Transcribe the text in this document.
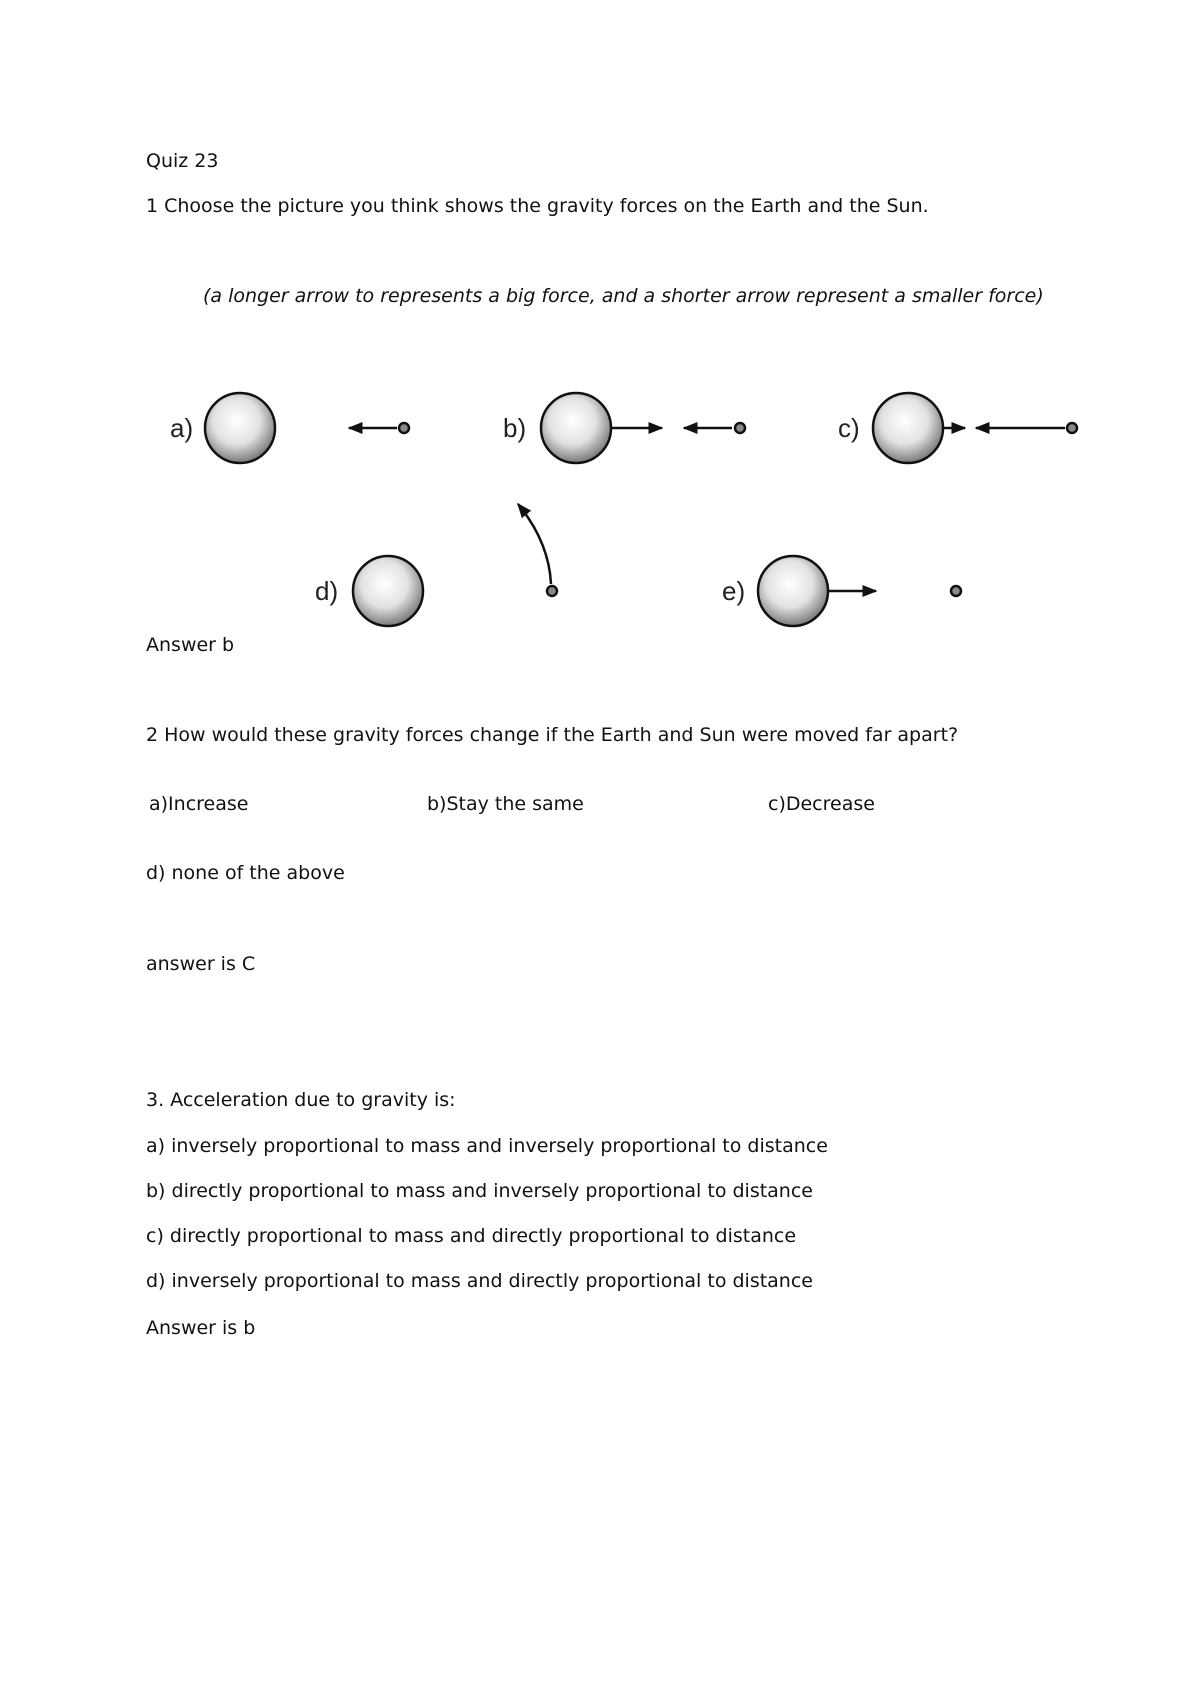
Quiz 23
1 Choose the picture you think shows the gravity forces on the Earth and the Sun.
(a longer arrow to represents a big force, and a shorter arrow represent a smaller force)
a)	b)	c)
d)	e)
Answer b
2 How would these gravity forces change if the Earth and Sun were moved far apart?
a)Increase	b)Stay the same	c)Decrease
d) none of the above
answer is C
3. Acceleration due to gravity is:
a) inversely proportional to mass and inversely proportional to distance
b) directly proportional to mass and inversely proportional to distance
c) directly proportional to mass and directly proportional to distance
d) inversely proportional to mass and directly proportional to distance
Answer is b
